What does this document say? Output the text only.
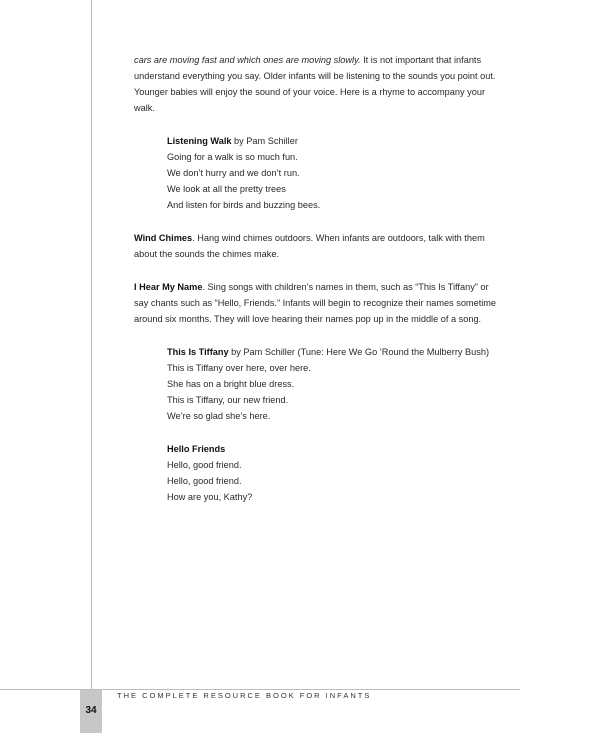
cars are moving fast and which ones are moving slowly. It is not important that infants
understand everything you say. Older infants will be listening to the sounds you point out.
Younger babies will enjoy the sound of your voice. Here is a rhyme to accompany your
walk.
Listening Walk by Pam Schiller
Going for a walk is so much fun.
We don’t hurry and we don’t run.
We look at all the pretty trees
And listen for birds and buzzing bees.
Wind Chimes. Hang wind chimes outdoors. When infants are outdoors, talk with them
about the sounds the chimes make.
I Hear My Name. Sing songs with children’s names in them, such as “This Is Tiffany” or
say chants such as “Hello, Friends.” Infants will begin to recognize their names sometime
around six months. They will love hearing their names pop up in the middle of a song.
This Is Tiffany by Pam Schiller (Tune: Here We Go ‘Round the Mulberry Bush)
This is Tiffany over here, over here.
She has on a bright blue dress.
This is Tiffany, our new friend.
We’re so glad she’s here.
Hello Friends
Hello, good friend.
Hello, good friend.
How are you, Kathy?
34
THE COMPLETE RESOURCE BOOK FOR INFANTS
